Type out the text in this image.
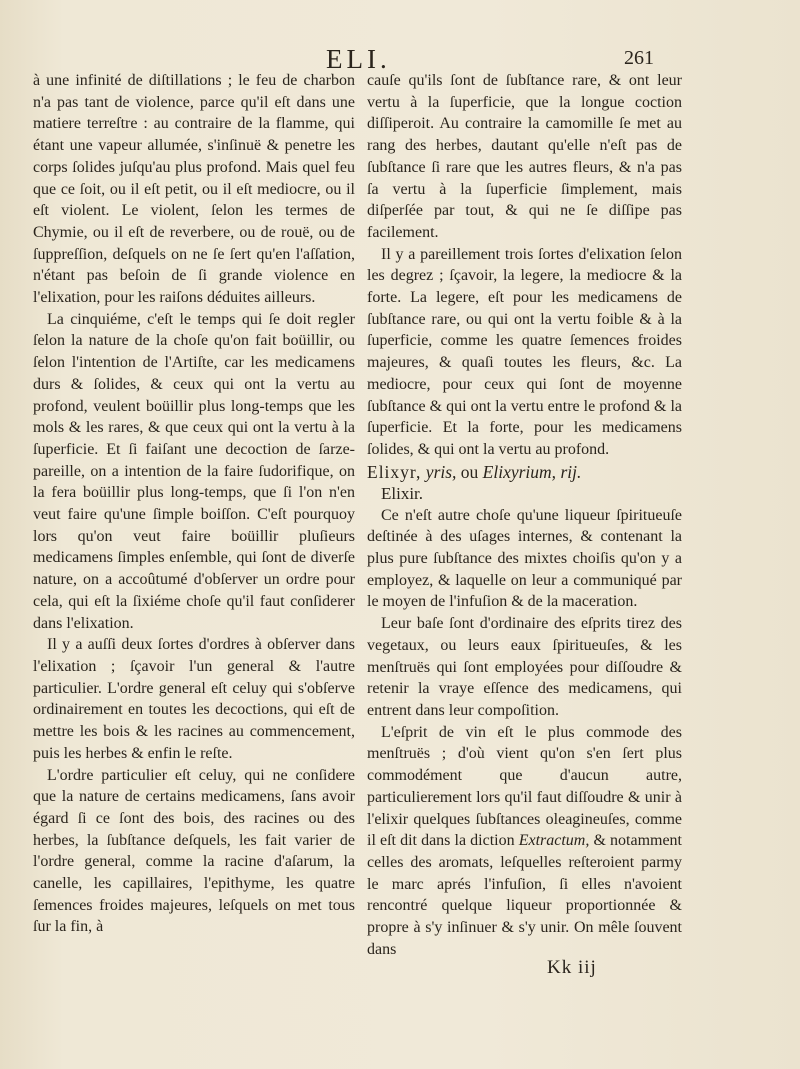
ELI.	261

à une infinité de diſtillations ; le feu de charbon n'a pas tant de violence, parce qu'il eſt dans une matiere terreſtre : au contraire de la flamme, qui étant une vapeur allumée, s'inſinuë & penetre les corps ſolides juſqu'au plus profond. Mais quel feu que ce ſoit, ou il eſt petit, ou il eſt mediocre, ou il eſt violent. Le violent, ſelon les termes de Chymie, ou il eſt de reverbere, ou de rouë, ou de ſuppreſſion, deſquels on ne ſe ſert qu'en l'aſſation, n'étant pas beſoin de ſi grande violence en l'elixation, pour les raiſons déduites ailleurs.

La cinquiéme, c'eſt le temps qui ſe doit regler ſelon la nature de la choſe qu'on fait boüillir, ou ſelon l'intention de l'Artiſte, car les medicamens durs & ſolides, & ceux qui ont la vertu au profond, veulent boüillir plus long-temps que les mols & les rares, & que ceux qui ont la vertu à la ſuperficie. Et ſi faiſant une decoction de ſarze-pareille, on a intention de la faire ſudorifique, on la fera boüillir plus long-temps, que ſi l'on n'en veut faire qu'une ſimple boiſſon. C'eſt pourquoy lors qu'on veut faire boüillir pluſieurs medicamens ſimples enſemble, qui ſont de diverſe nature, on a accoûtumé d'obſerver un ordre pour cela, qui eſt la ſixiéme choſe qu'il faut conſiderer dans l'elixation.

Il y a auſſi deux ſortes d'ordres à obſerver dans l'elixation ; ſçavoir l'un general & l'autre particulier. L'ordre general eſt celuy qui s'obſerve ordinairement en toutes les decoctions, qui eſt de mettre les bois & les racines au commencement, puis les herbes & enfin le reſte.

L'ordre particulier eſt celuy, qui ne conſidere que la nature de certains medicamens, ſans avoir égard ſi ce ſont des bois, des racines ou des herbes, la ſubſtance deſquels, les fait varier de l'ordre general, comme la racine d'aſarum, la canelle, les capillaires, l'epithyme, les quatre ſemences froides majeures, leſquels on met tous ſur la fin, à

cauſe qu'ils ſont de ſubſtance rare, & ont leur vertu à la ſuperficie, que la longue coction diſſiperoit. Au contraire la camomille ſe met au rang des herbes, dautant qu'elle n'eſt pas de ſubſtance ſi rare que les autres fleurs, & n'a pas ſa vertu à la ſuperficie ſimplement, mais diſperſée par tout, & qui ne ſe diſſipe pas facilement.

Il y a pareillement trois ſortes d'elixation ſelon les degrez ; ſçavoir, la legere, la mediocre & la forte. La legere, eſt pour les medicamens de ſubſtance rare, ou qui ont la vertu foible & à la ſuperficie, comme les quatre ſemences froides majeures, & quaſi toutes les fleurs, &c. La mediocre, pour ceux qui ſont de moyenne ſubſtance & qui ont la vertu entre le profond & la ſuperficie. Et la forte, pour les medicamens ſolides, & qui ont la vertu au profond.

Elixyr, yris, ou Elixyrium, rij.

Elixir.

Ce n'eſt autre choſe qu'une liqueur ſpiritueuſe deſtinée à des uſages internes, & contenant la plus pure ſubſtance des mixtes choiſis qu'on y a employez, & laquelle on leur a communiqué par le moyen de l'infuſion & de la maceration.

Leur baſe ſont d'ordinaire des eſprits tirez des vegetaux, ou leurs eaux ſpiritueuſes, & les menſtruës qui ſont employées pour diſſoudre & retenir la vraye eſſence des medicamens, qui entrent dans leur compoſition.

L'eſprit de vin eſt le plus commode des menſtruës ; d'où vient qu'on s'en ſert plus commodément que d'aucun autre, particulierement lors qu'il faut diſſoudre & unir à l'elixir quelques ſubſtances oleagineuſes, comme il eſt dit dans la diction Extractum, & notamment celles des aromats, leſquelles reſteroient parmy le marc aprés l'infuſion, ſi elles n'avoient rencontré quelque liqueur proportionnée & propre à s'y inſinuer & s'y unir. On mêle ſouvent dans

Kk iij
